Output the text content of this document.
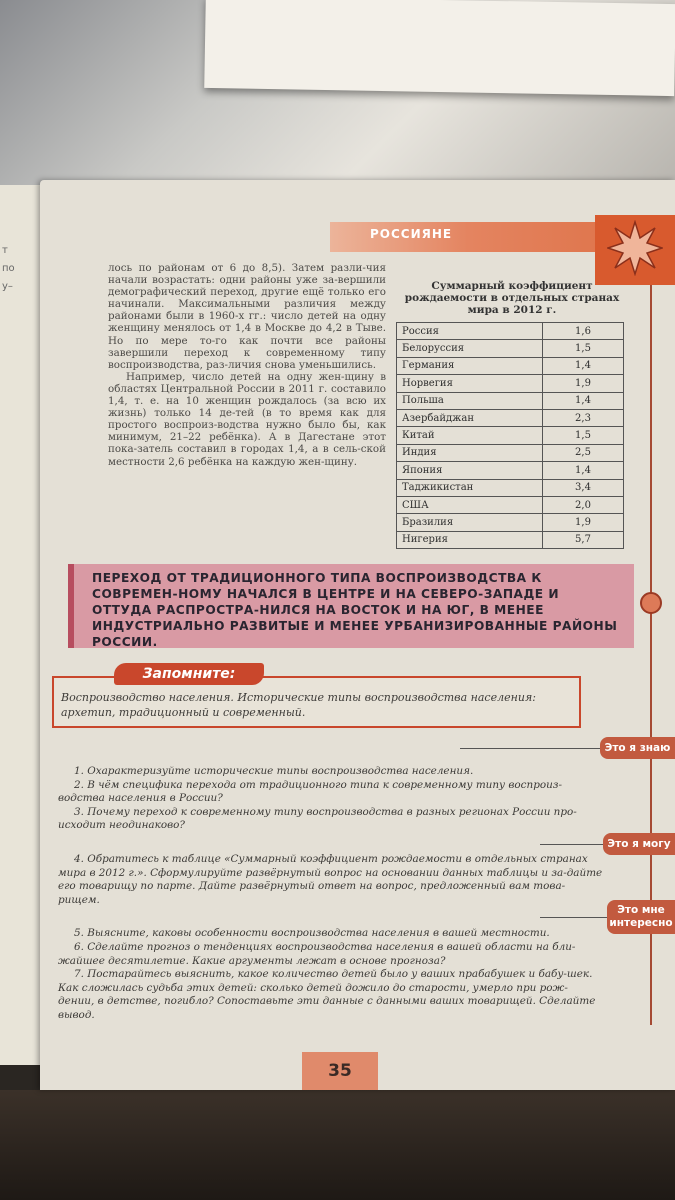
т
по
у–
РОССИЯНЕ

лось по районам от 6 до 8,5). Затем разли-чия начали возрастать: одни районы уже за-вершили демографический переход, другие ещё только его начинали. Максимальными различия между районами были в 1960-х гг.: число детей на одну женщину менялось от 1,4 в Москве до 4,2 в Тыве. Но по мере то-го как почти все районы завершили переход к современному типу воспроизводства, раз-личия снова уменьшились.

Например, число детей на одну жен-щину в областях Центральной России в 2011 г. составило 1,4, т. е. на 10 женщин рождалось (за всю их жизнь) только 14 де-тей (в то время как для простого воспроиз-водства нужно было бы, как минимум, 21–22 ребёнка). А в Дагестане этот пока-затель составил в городах 1,4, а в сель-ской местности 2,6 ребёнка на каждую жен-щину.

Суммарный коэффициент рождаемости в отдельных странах мира в 2012 г.
Россия	1,6
Белоруссия	1,5
Германия	1,4
Норвегия	1,9
Польша	1,4
Азербайджан	2,3
Китай	1,5
Индия	2,5
Япония	1,4
Таджикистан	3,4
США	2,0
Бразилия	1,9
Нигерия	5,7
ПЕРЕХОД ОТ ТРАДИЦИОННОГО ТИПА ВОСПРОИЗВОДСТВА К СОВРЕМЕН-НОМУ НАЧАЛСЯ В ЦЕНТРЕ И НА СЕВЕРО-ЗАПАДЕ И ОТТУДА РАСПРОСТРА-НИЛСЯ НА ВОСТОК И НА ЮГ, В МЕНЕЕ ИНДУСТРИАЛЬНО РАЗВИТЫЕ И МЕНЕЕ УРБАНИЗИРОВАННЫЕ РАЙОНЫ РОССИИ.
Воспроизводство населения. Исторические типы воспроизводства населения: архетип, традиционный и современный.
Запомните:
Это я знаю
Это я могу
Это мне интересно

1. Охарактеризуйте исторические типы воспроизводства населения.

2. В чём специфика перехода от традиционного типа к современному типу воспроиз-водства населения в России?

3. Почему переход к современному типу воспроизводства в разных регионах России про-исходит неодинаково?

4. Обратитесь к таблице «Суммарный коэффициент рождаемости в отдельных странах мира в 2012 г.». Сформулируйте развёрнутый вопрос на основании данных таблицы и за-дайте его товарищу по парте. Дайте развёрнутый ответ на вопрос, предложенный вам това-рищем.

5. Выясните, каковы особенности воспроизводства населения в вашей местности.

6. Сделайте прогноз о тенденциях воспроизводства населения в вашей области на бли-жайшее десятилетие. Какие аргументы лежат в основе прогноза?

7. Постарайтесь выяснить, какое количество детей было у ваших прабабушек и бабу-шек. Как сложилась судьба этих детей: сколько детей дожило до старости, умерло при рож-дении, в детстве, погибло? Сопоставьте эти данные с данными ваших товарищей. Сделайте вывод.

35
